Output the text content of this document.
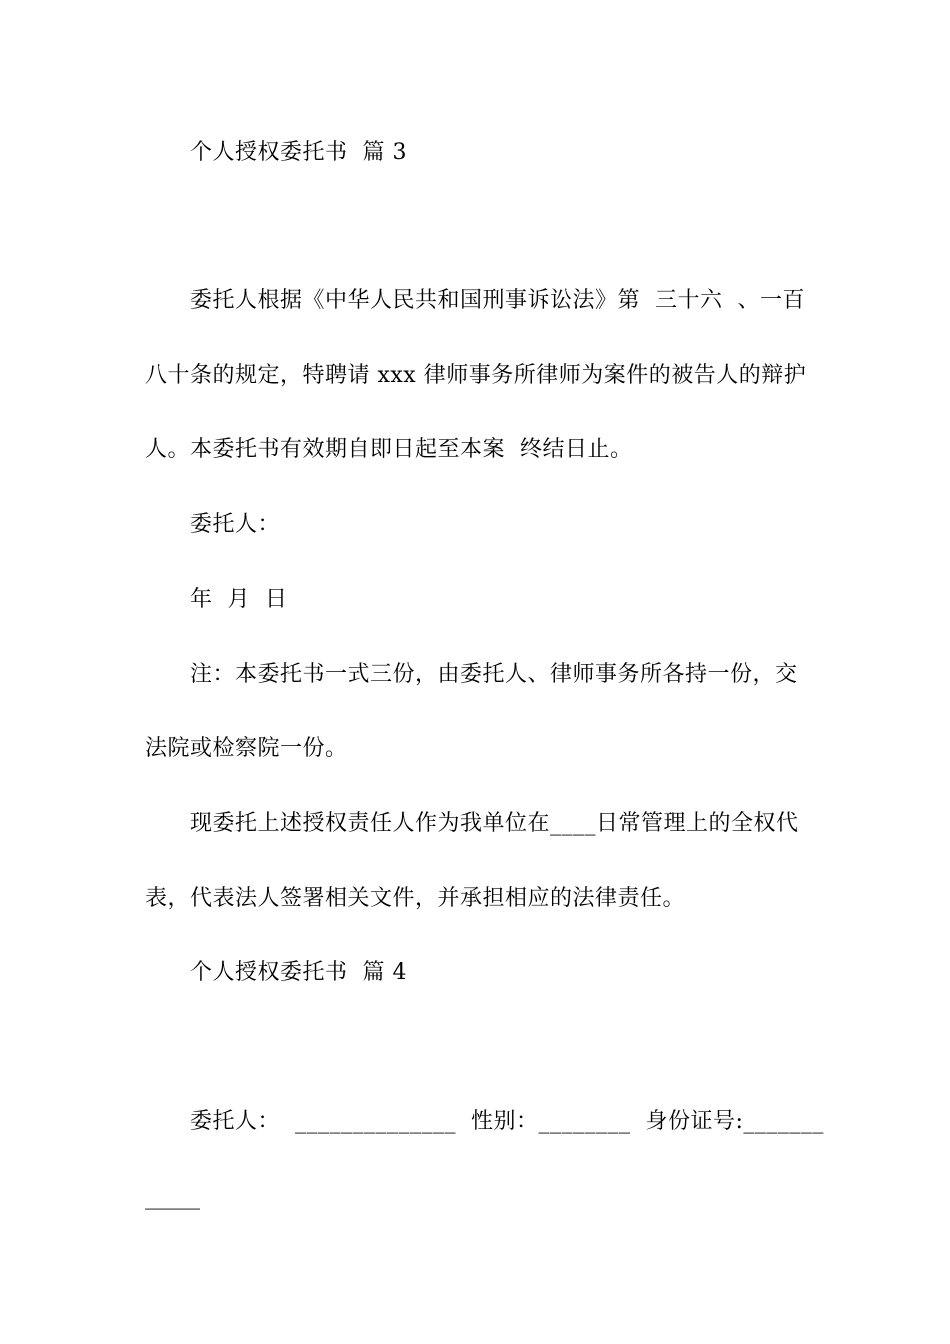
个人授权委托书  篇 3
委托人根据《中华人民共和国刑事诉讼法》第  三十六  、一百
八十条的规定，特聘请 xxx 律师事务所律师为案件的被告人的辩护
人。本委托书有效期自即日起至本案  终结日止。
委托人：
年  月  日
注：本委托书一式三份，由委托人、律师事务所各持一份，交
法院或检察院一份。
现委托上述授权责任人作为我单位在____日常管理上的全权代
表，代表法人签署相关文件，并承担相应的法律责任。
个人授权委托书  篇 4
委托人：  ______________  性别：________  身份证号:_______
_____
